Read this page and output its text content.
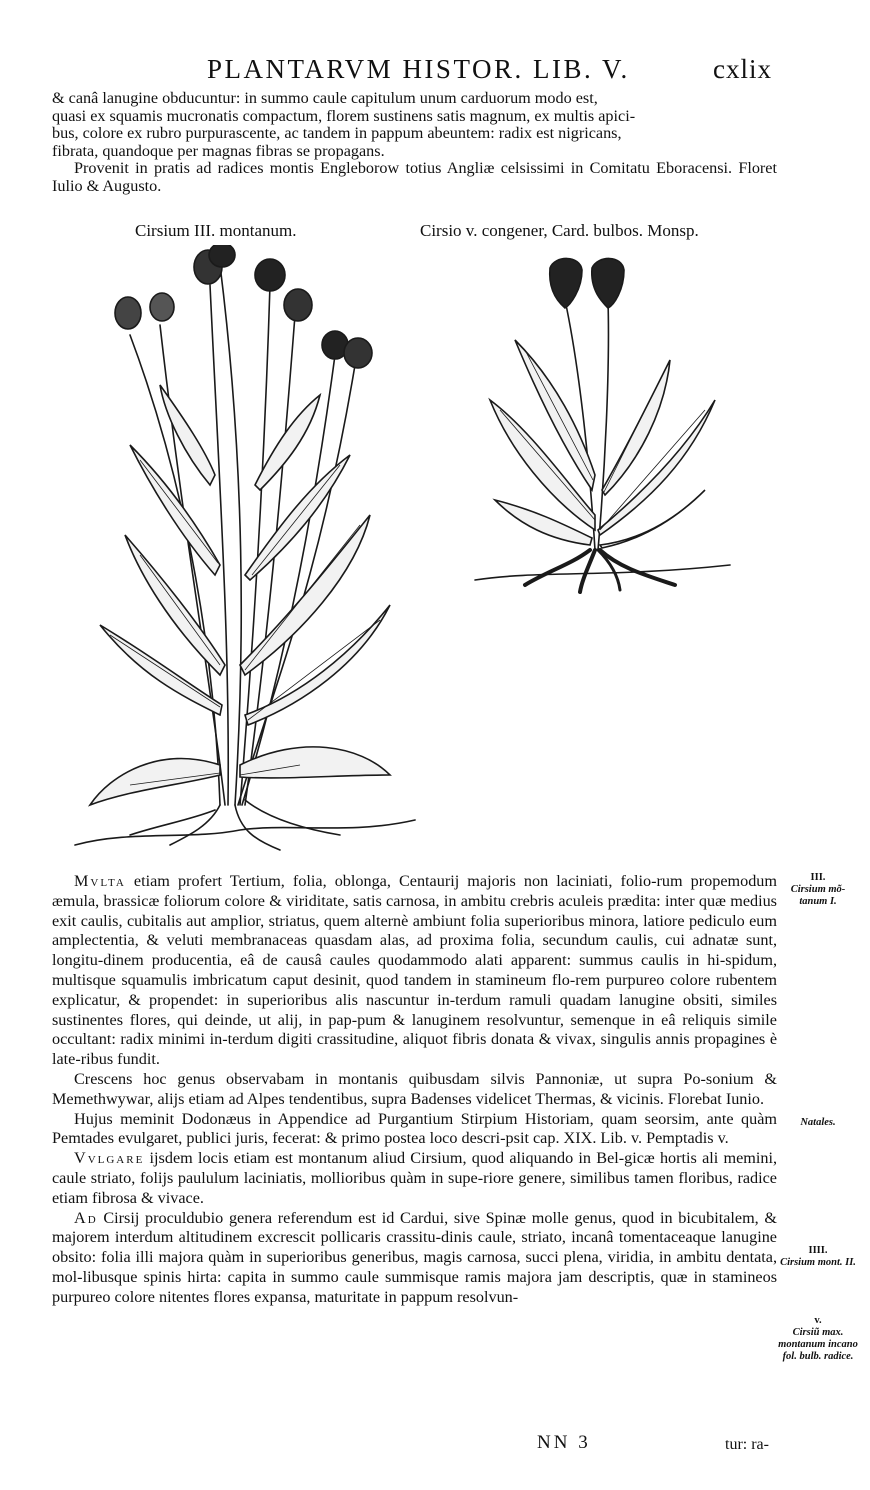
PLANTARVM HISTOR. LIB. V.	cxlix

& canâ lanugine obducuntur: in summo caule capitulum unum carduorum modo est,

quasi ex squamis mucronatis compactum, florem sustinens satis magnum, ex multis apici-

bus, colore ex rubro purpurascente, ac tandem in pappum abeuntem: radix est nigricans,

fibrata, quandoque per magnas fibras se propagans.

Provenit in pratis ad radices montis Engleborow totius Angliæ celsissimi in Comitatu Eboracensi. Floret Iulio & Augusto.

Cirsium III. montanum.	Cirsio v. congener, Card. bulbos. Monsp.

Mvlta etiam profert Tertium, folia, oblonga, Centaurij majoris non laciniati, folio-rum propemodum æmula, brassicæ foliorum colore & viriditate, satis carnosa, in ambitu crebris aculeis prædita: inter quæ medius exit caulis, cubitalis aut amplior, striatus, quem alternè ambiunt folia superioribus minora, latiore pediculo eum amplectentia, & veluti membranaceas quasdam alas, ad proxima folia, secundum caulis, cui adnatæ sunt, longitu-dinem producentia, eâ de causâ caules quodammodo alati apparent: summus caulis in hi-spidum, multisque squamulis imbricatum caput desinit, quod tandem in stamineum flo-rem purpureo colore rubentem explicatur, & propendet: in superioribus alis nascuntur in-terdum ramuli quadam lanugine obsiti, similes sustinentes flores, qui deinde, ut alij, in pap-pum & lanuginem resolvuntur, semenque in eâ reliquis simile occultant: radix minimi in-terdum digiti crassitudine, aliquot fibris donata & vivax, singulis annis propagines è late-ribus fundit.

Crescens hoc genus observabam in montanis quibusdam silvis Pannoniæ, ut supra Po-sonium & Memethwywar, alijs etiam ad Alpes tendentibus, supra Badenses videlicet Thermas, & vicinis. Florebat Iunio.

Hujus meminit Dodonæus in Appendice ad Purgantium Stirpium Historiam, quam seorsim, ante quàm Pemtades evulgaret, publici juris, fecerat: & primo postea loco descri-psit cap. XIX. Lib. v. Pemptadis v.

Vvlgare ijsdem locis etiam est montanum aliud Cirsium, quod aliquando in Bel-gicæ hortis ali memini, caule striato, folijs paululum laciniatis, mollioribus quàm in supe-riore genere, similibus tamen floribus, radice etiam fibrosa & vivace.

Ad Cirsij proculdubio genera referendum est id Cardui, sive Spinæ molle genus, quod in bicubitalem, & majorem interdum altitudinem excrescit pollicaris crassitu-dinis caule, striato, incanâ tomentaceaque lanugine obsito: folia illi majora quàm in superioribus generibus, magis carnosa, succi plena, viridia, in ambitu dentata, mol-libusque spinis hirta: capita in summo caule summisque ramis majora jam descriptis, quæ in stamineos purpureo colore nitentes flores expansa, maturitate in pappum resolvun-

III.
Cirsium mõ-tanum I.
Natales.
IIII.
Cirsium mont. II.
v.
Cirsiũ max. montanum incano fol. bulb. radice.
NN 3	tur: ra-
